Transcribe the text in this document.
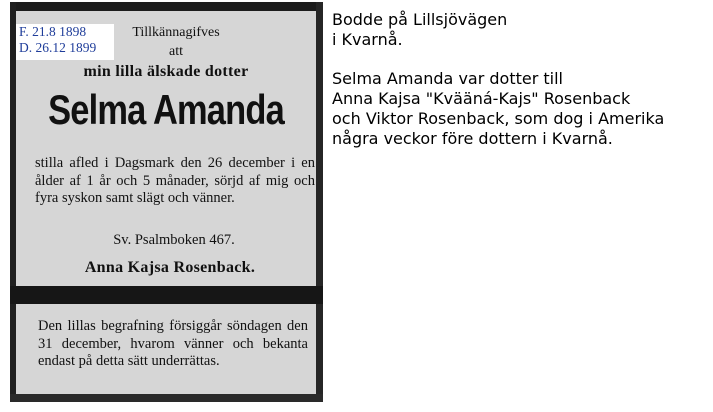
Tillkännagifves
att
min lilla älskade dotter
Selma Amanda
stilla afled i Dagsmark den 26 december i en ålder af 1 år och 5 månader, sörjd af mig och fyra syskon samt slägt och vänner.
Sv. Psalmboken 467.
Anna Kajsa Rosenback.
F. 21.8 1898
D. 26.12 1899
Den lillas begrafning försiggår söndagen den 31 december, hvarom vänner och bekanta endast på detta sätt underrättas.

Bodde på Lillsjövägen
i Kvarnå.

Selma Amanda var dotter till
Anna Kajsa "Kvääná-Kajs" Rosenback
och Viktor Rosenback, som dog i Amerika
några veckor före dottern i Kvarnå.
